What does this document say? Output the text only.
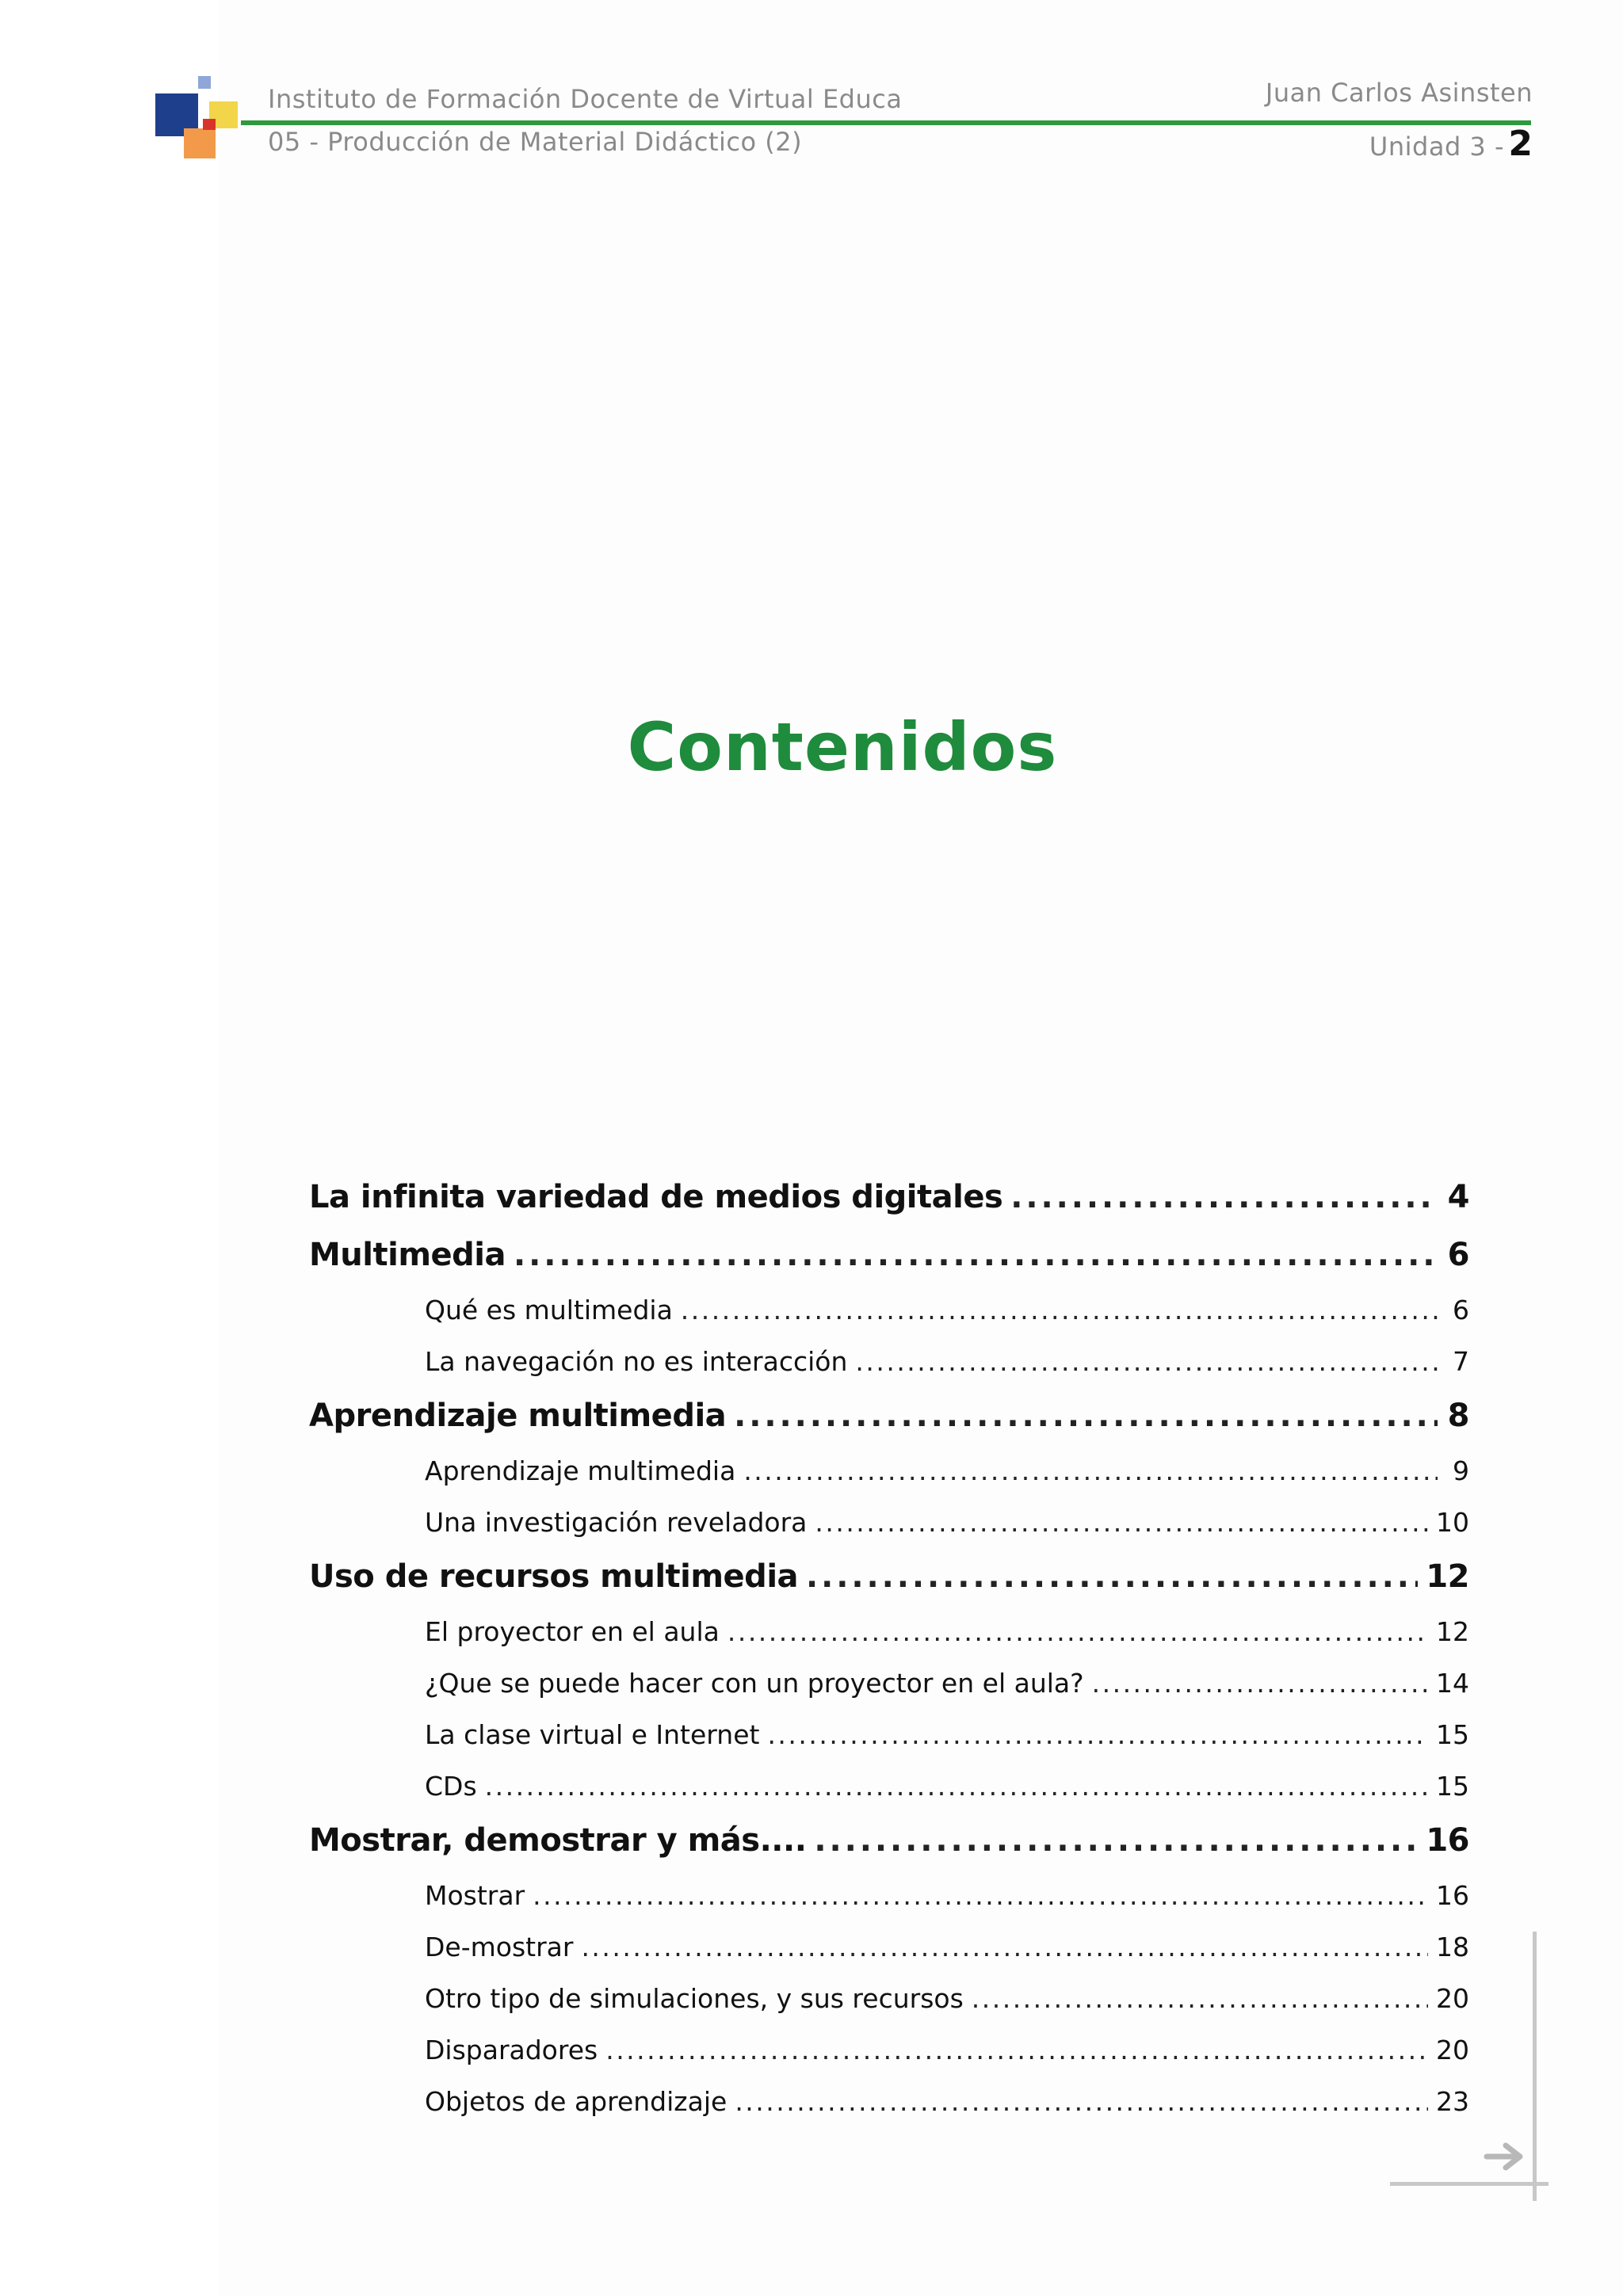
Instituto de Formación Docente de Virtual Educa
05 - Producción de Material Didáctico (2)
Juan Carlos Asinsten
Unidad 3 - 2
Contenidos
La infinita variedad de medios digitales . . .	4
Multimedia . . .	6
Qué es multimedia . . .	6
La navegación no es interacción . . .	7
Aprendizaje multimedia . . .	8
Aprendizaje multimedia . . .	9
Una investigación reveladora . . .	10
Uso de recursos multimedia . . .	12
El proyector en el aula . . .	12
¿Que se puede hacer con un proyector en el aula? . . .	14
La clase virtual e Internet . . .	15
CDs . . .	15
Mostrar, demostrar y más.... . . .	16
Mostrar . . .	16
De-mostrar . . .	18
Otro tipo de simulaciones, y sus recursos . . .	20
Disparadores . . .	20
Objetos de aprendizaje . . .	23
